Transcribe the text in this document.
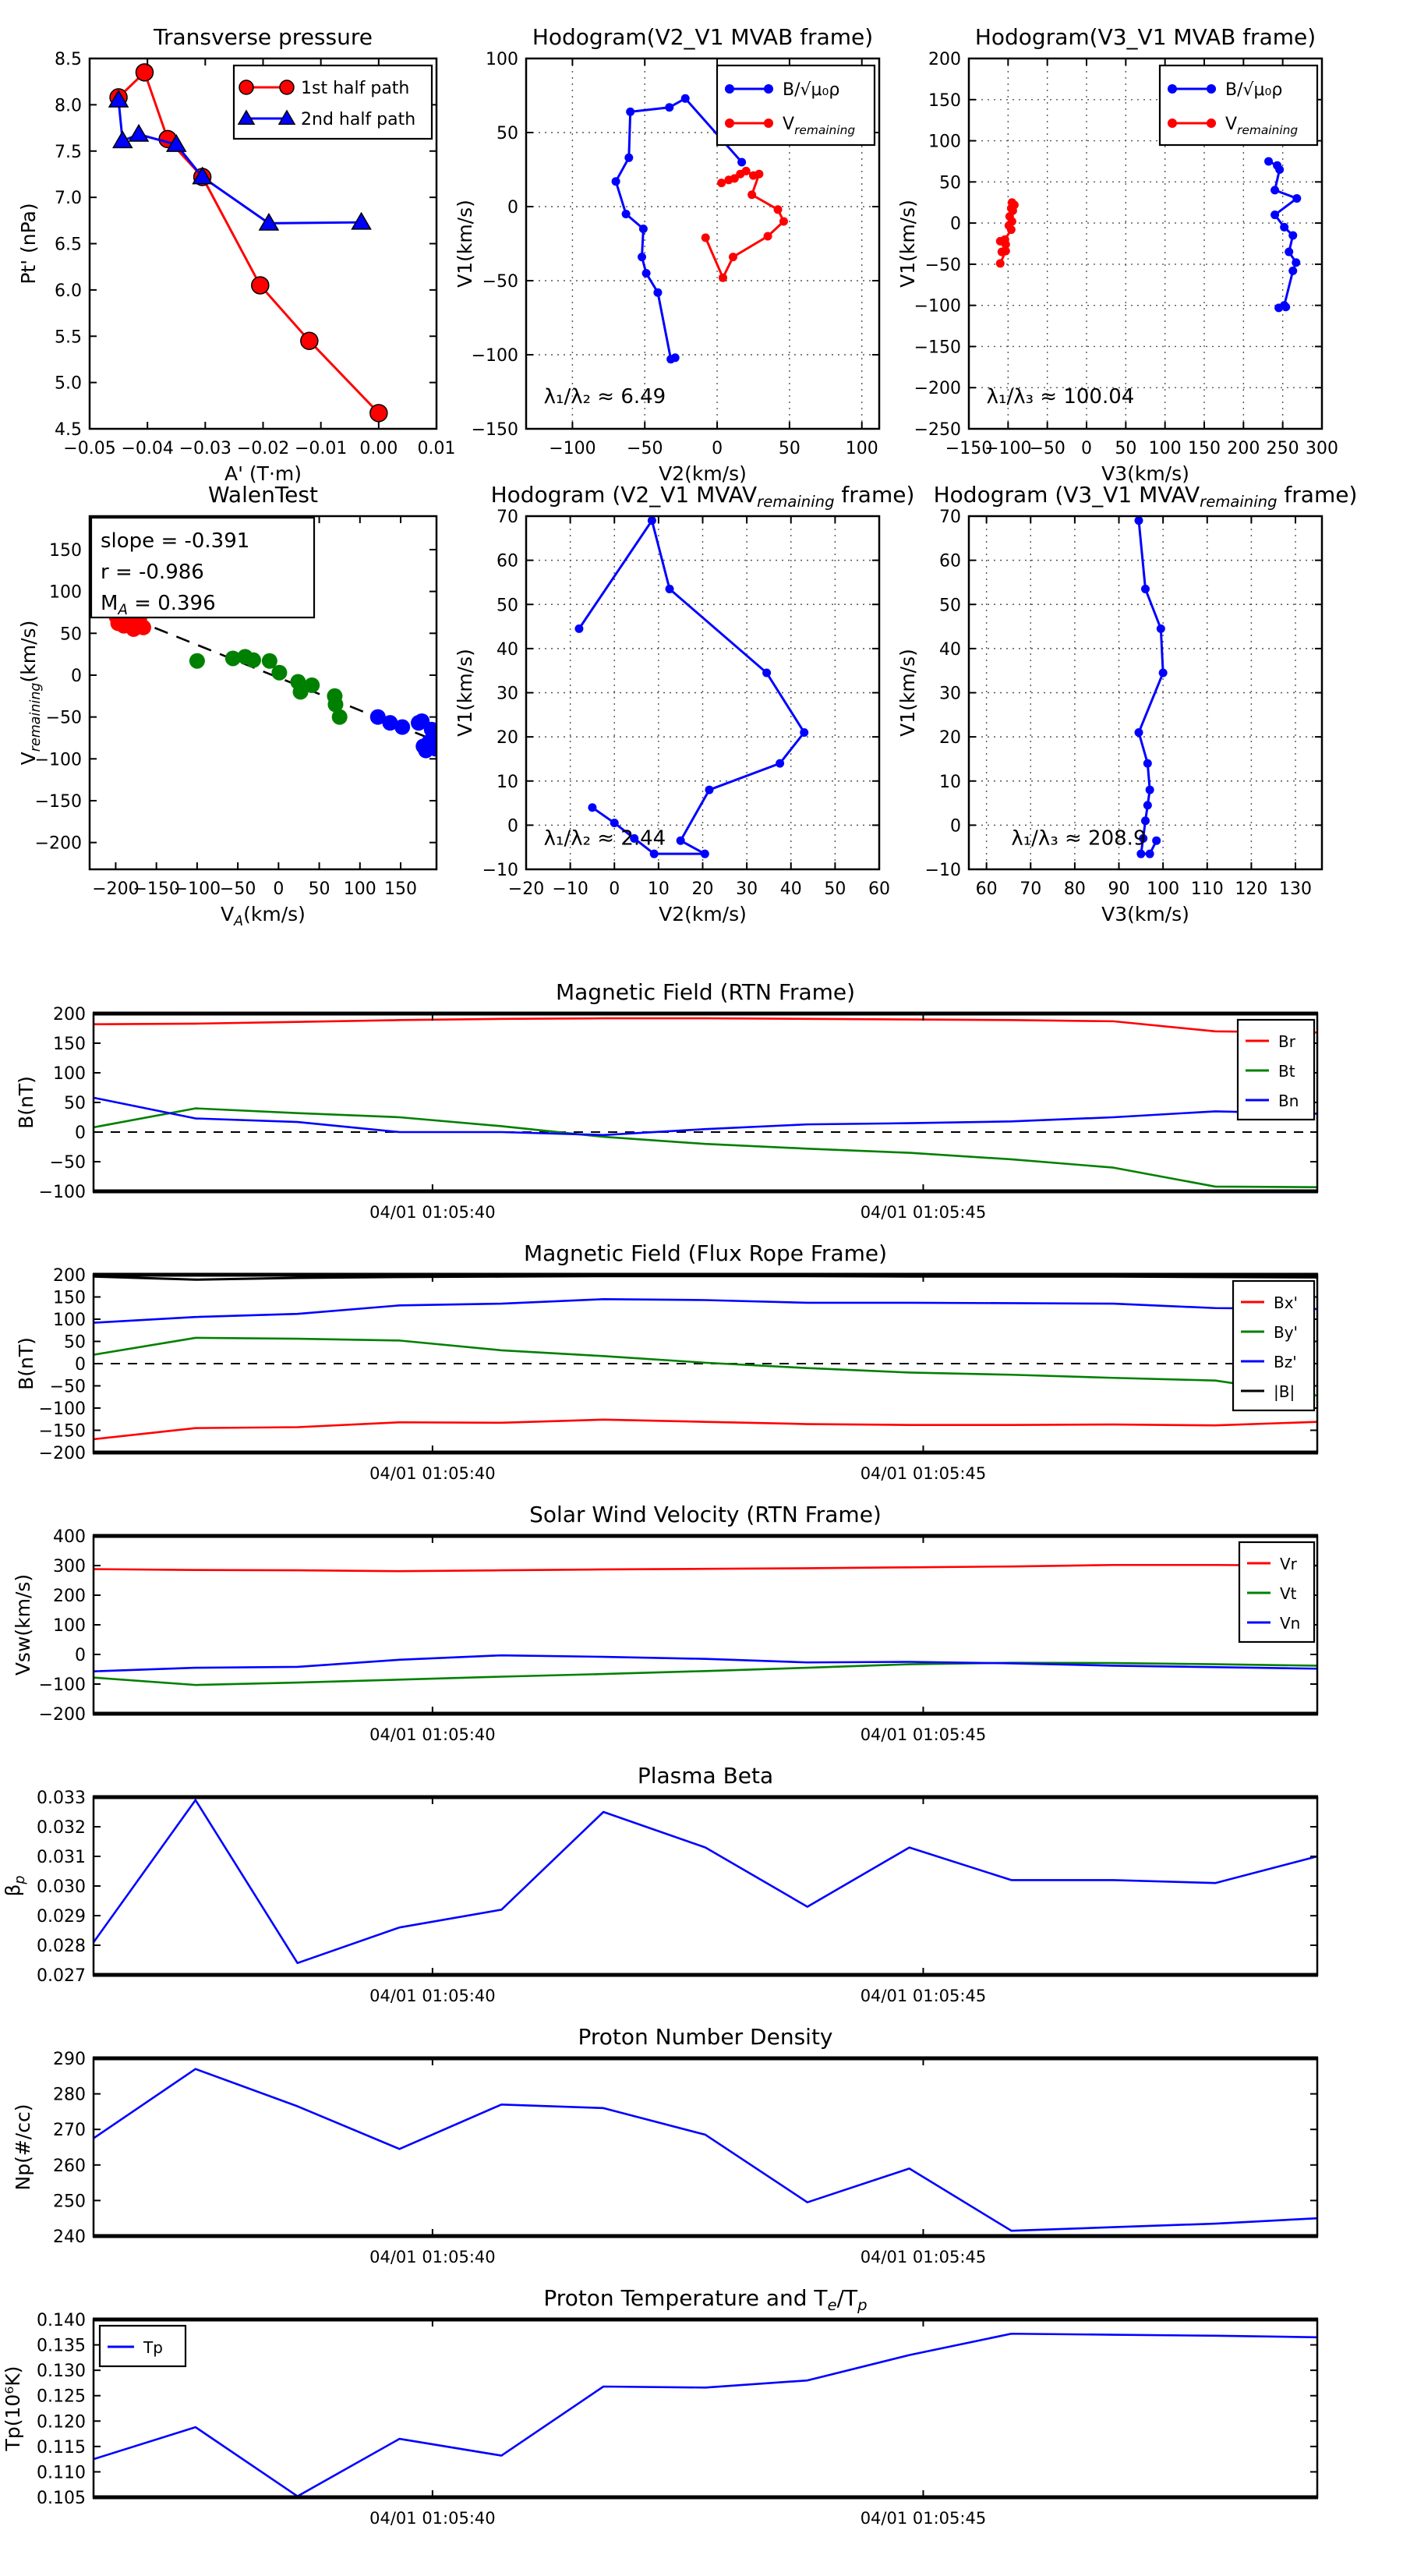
−0.05 −0.04 −0.03 −0.02 −0.01 0.00 0.01
4.5
5.0
5.5
6.0
6.5
7.0
7.5
8.0
8.5
Transverse pressure
A' (T·m)
Pt' (nPa)
1st half path
2nd half path
−100 −50	0	50	100
−150
−100
−50
0
50
100
Hodogram(V2_V1 MVAB frame)
V2(km/s)
V1(km/s)
λ₁/λ₂ ≈ 6.49
B/√μ₀ρ
$V_{remaining}$
−150
−100
−50 0 50 100 150 200 250 300
−250
−200
−150
−100
−50
0
50
100
150
200
Hodogram(V3_V1 MVAB frame)
V3(km/s)
V1(km/s)
λ₁/λ₃ ≈ 100.04
B/√μ₀ρ
$V_{remaining}$
−200
−150
−100
−50 0 50 100 150
−200
−150
−100
−50
0
50
100
150
WalenTest
$V_A(km/s)$
$V_{remaining}(km/s)$
slope = -0.391
r = -0.986
$M_A = 0.396$
−20 −10 0 10 20 30 40 50 60
−10
0
10
20
30
40
50
60
70
Hodogram (V2_V1 $MVAV_{remaining}$ frame)
V2(km/s)
V1(km/s)
λ₁/λ₂ ≈ 2.44
60 70 80 90 100 110 120 130
−10
0
10
20
30
40
50
60
70
Hodogram (V3_V1 $MVAV_{remaining}$ frame)
V3(km/s)
V1(km/s)
λ₁/λ₃ ≈ 208.9
−100
−50
0
50
100
150
200
04/01 01:05:40	04/01 01:05:45
Magnetic Field (RTN Frame)
B(nT)
Br
Bt
Bn
−200
−150
−100
−50
0
50
100
150
200
04/01 01:05:40	04/01 01:05:45
Magnetic Field (Flux Rope Frame)
B(nT)
Bx'
By'
Bz'
|B|
−200
−100
0
100
200
300
400
04/01 01:05:40	04/01 01:05:45
Solar Wind Velocity (RTN Frame)
Vsw(km/s)
Vr
Vt
Vn
0.027
0.028
0.029
0.030
0.031
0.032
0.033
04/01 01:05:40	04/01 01:05:45
Plasma Beta
$\beta_p$
240
250
260
270
280
290
04/01 01:05:40	04/01 01:05:45
Proton Number Density
Np(#/cc)
0.105
0.110
0.115
0.120
0.125
0.130
0.135
0.140
04/01 01:05:40	04/01 01:05:45
Proton Temperature and $T_e/T_p$
Tp(10⁶K)
Tp
